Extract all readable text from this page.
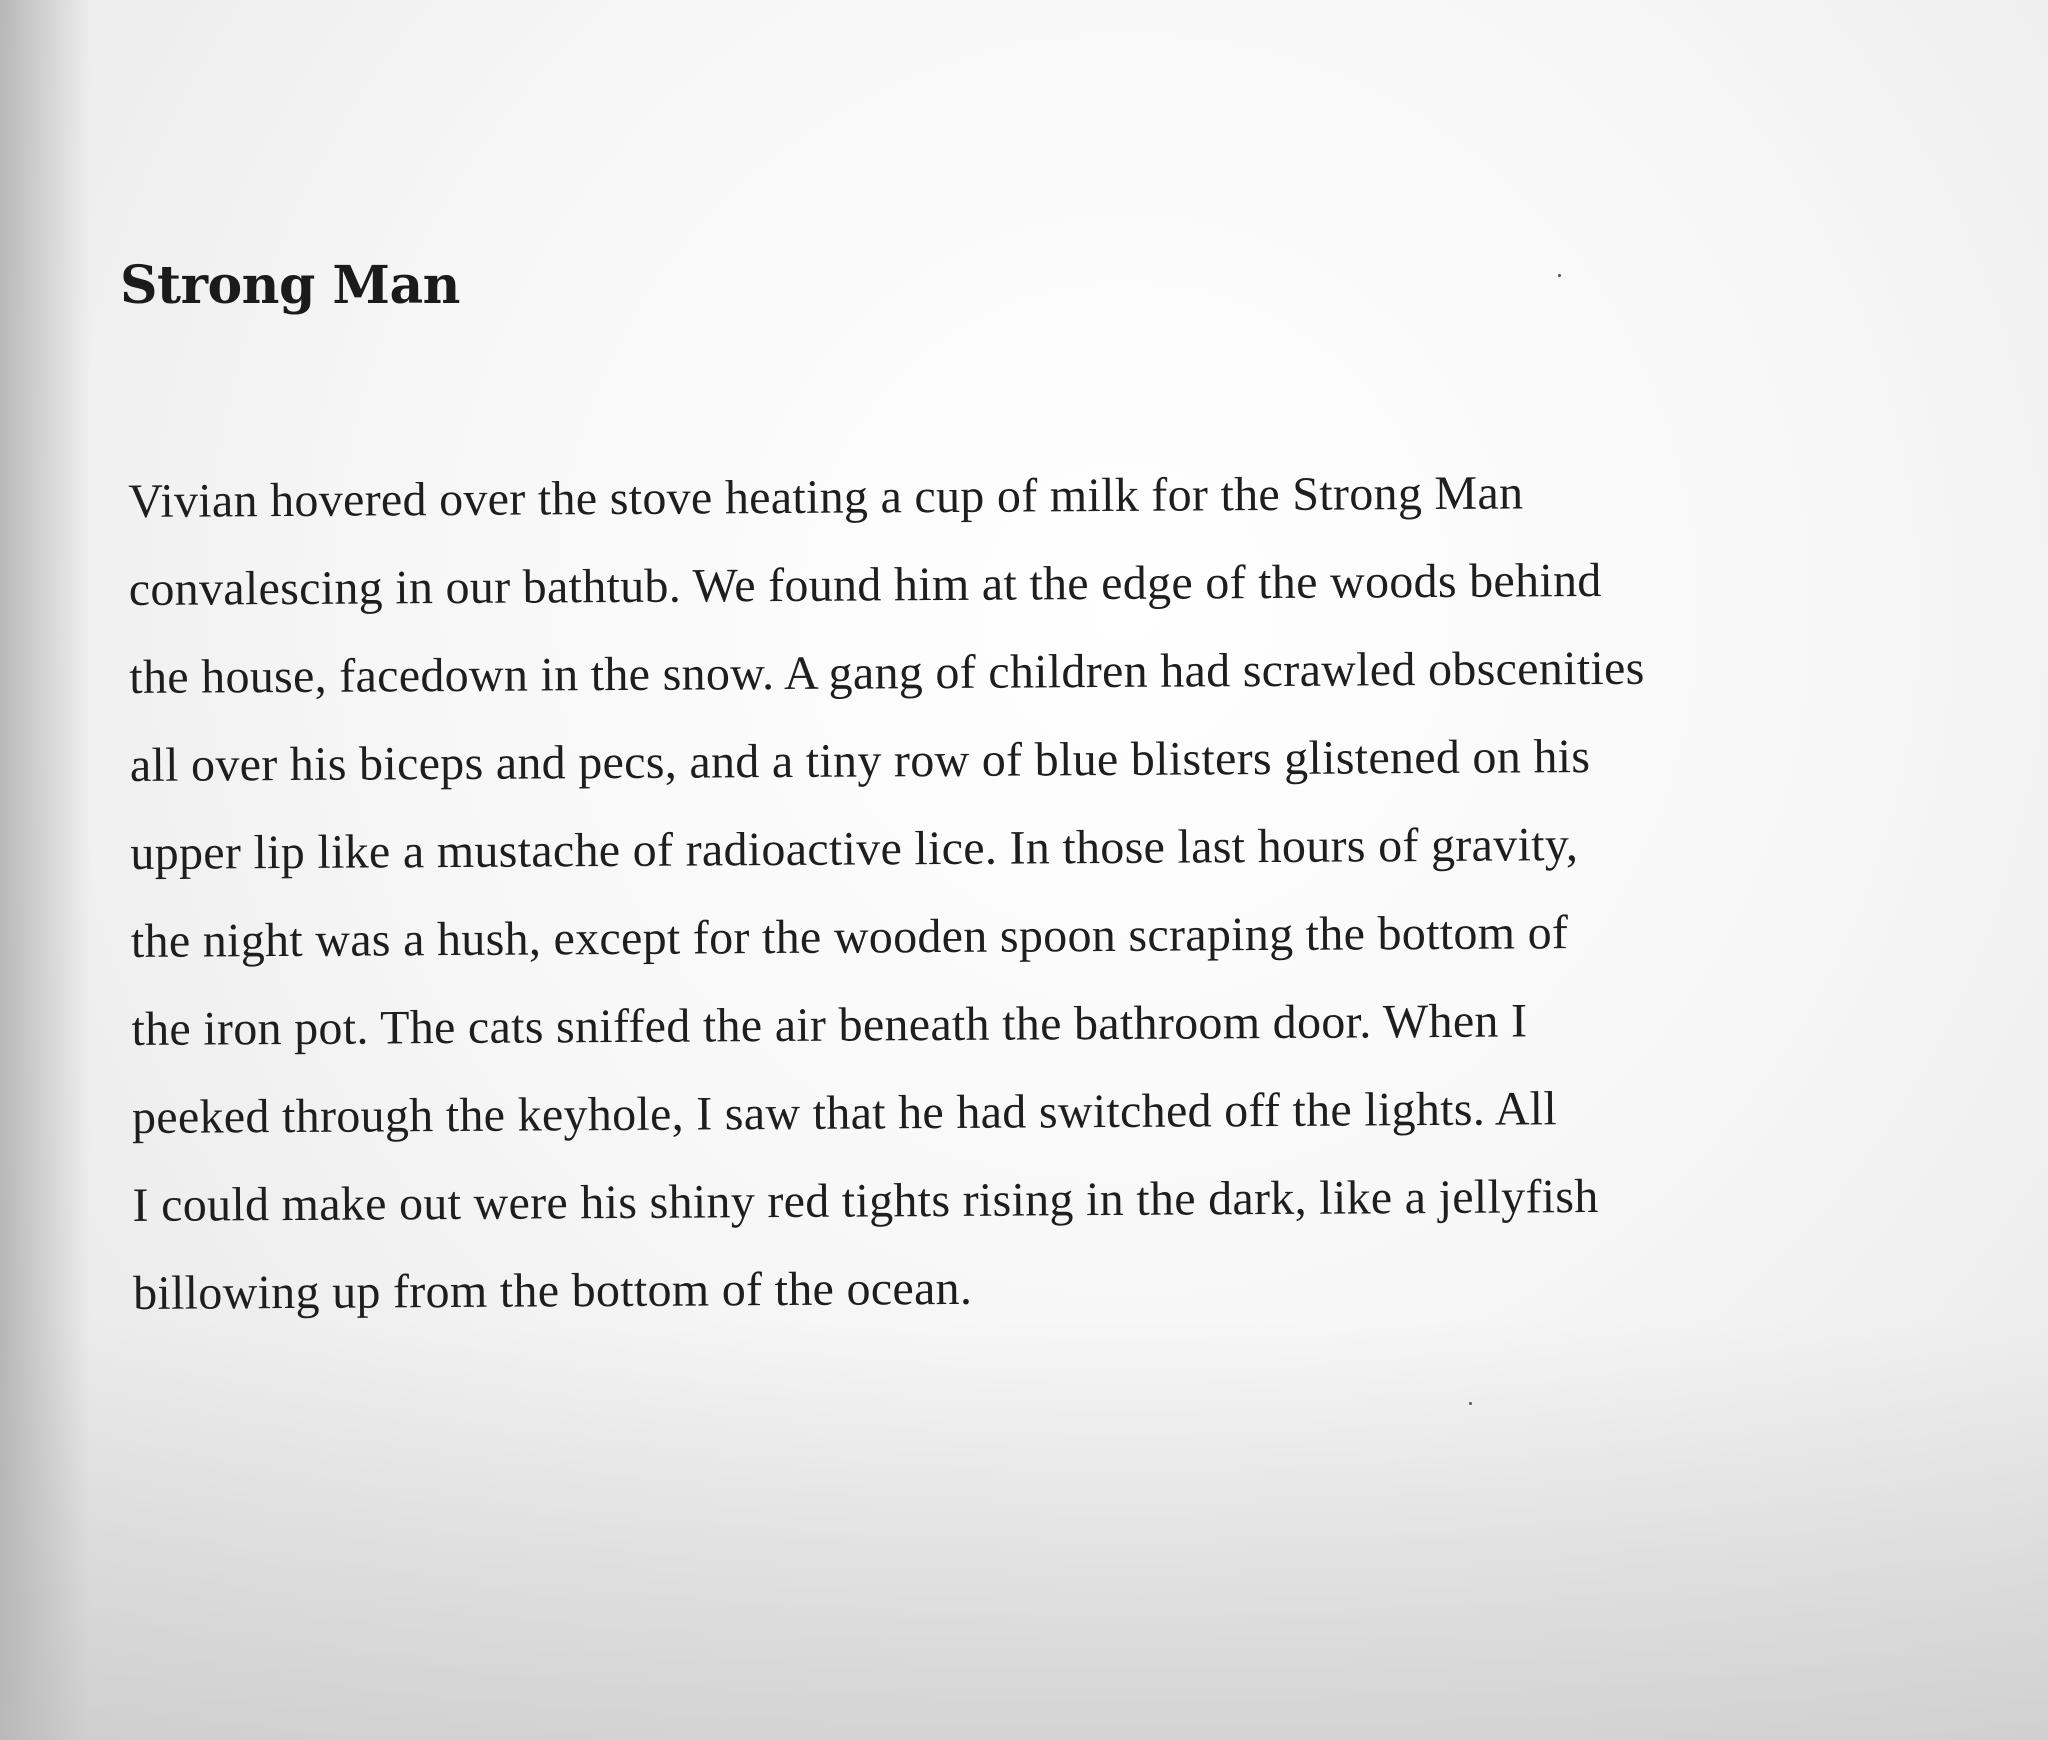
Strong Man
Vivian hovered over the stove heating a cup of milk for the Strong Man
convalescing in our bathtub. We found him at the edge of the woods behind
the house, facedown in the snow. A gang of children had scrawled obscenities
all over his biceps and pecs, and a tiny row of blue blisters glistened on his
upper lip like a mustache of radioactive lice. In those last hours of gravity,
the night was a hush, except for the wooden spoon scraping the bottom of
the iron pot. The cats sniffed the air beneath the bathroom door. When I
peeked through the keyhole, I saw that he had switched off the lights. All
I could make out were his shiny red tights rising in the dark, like a jellyfish
billowing up from the bottom of the ocean.
